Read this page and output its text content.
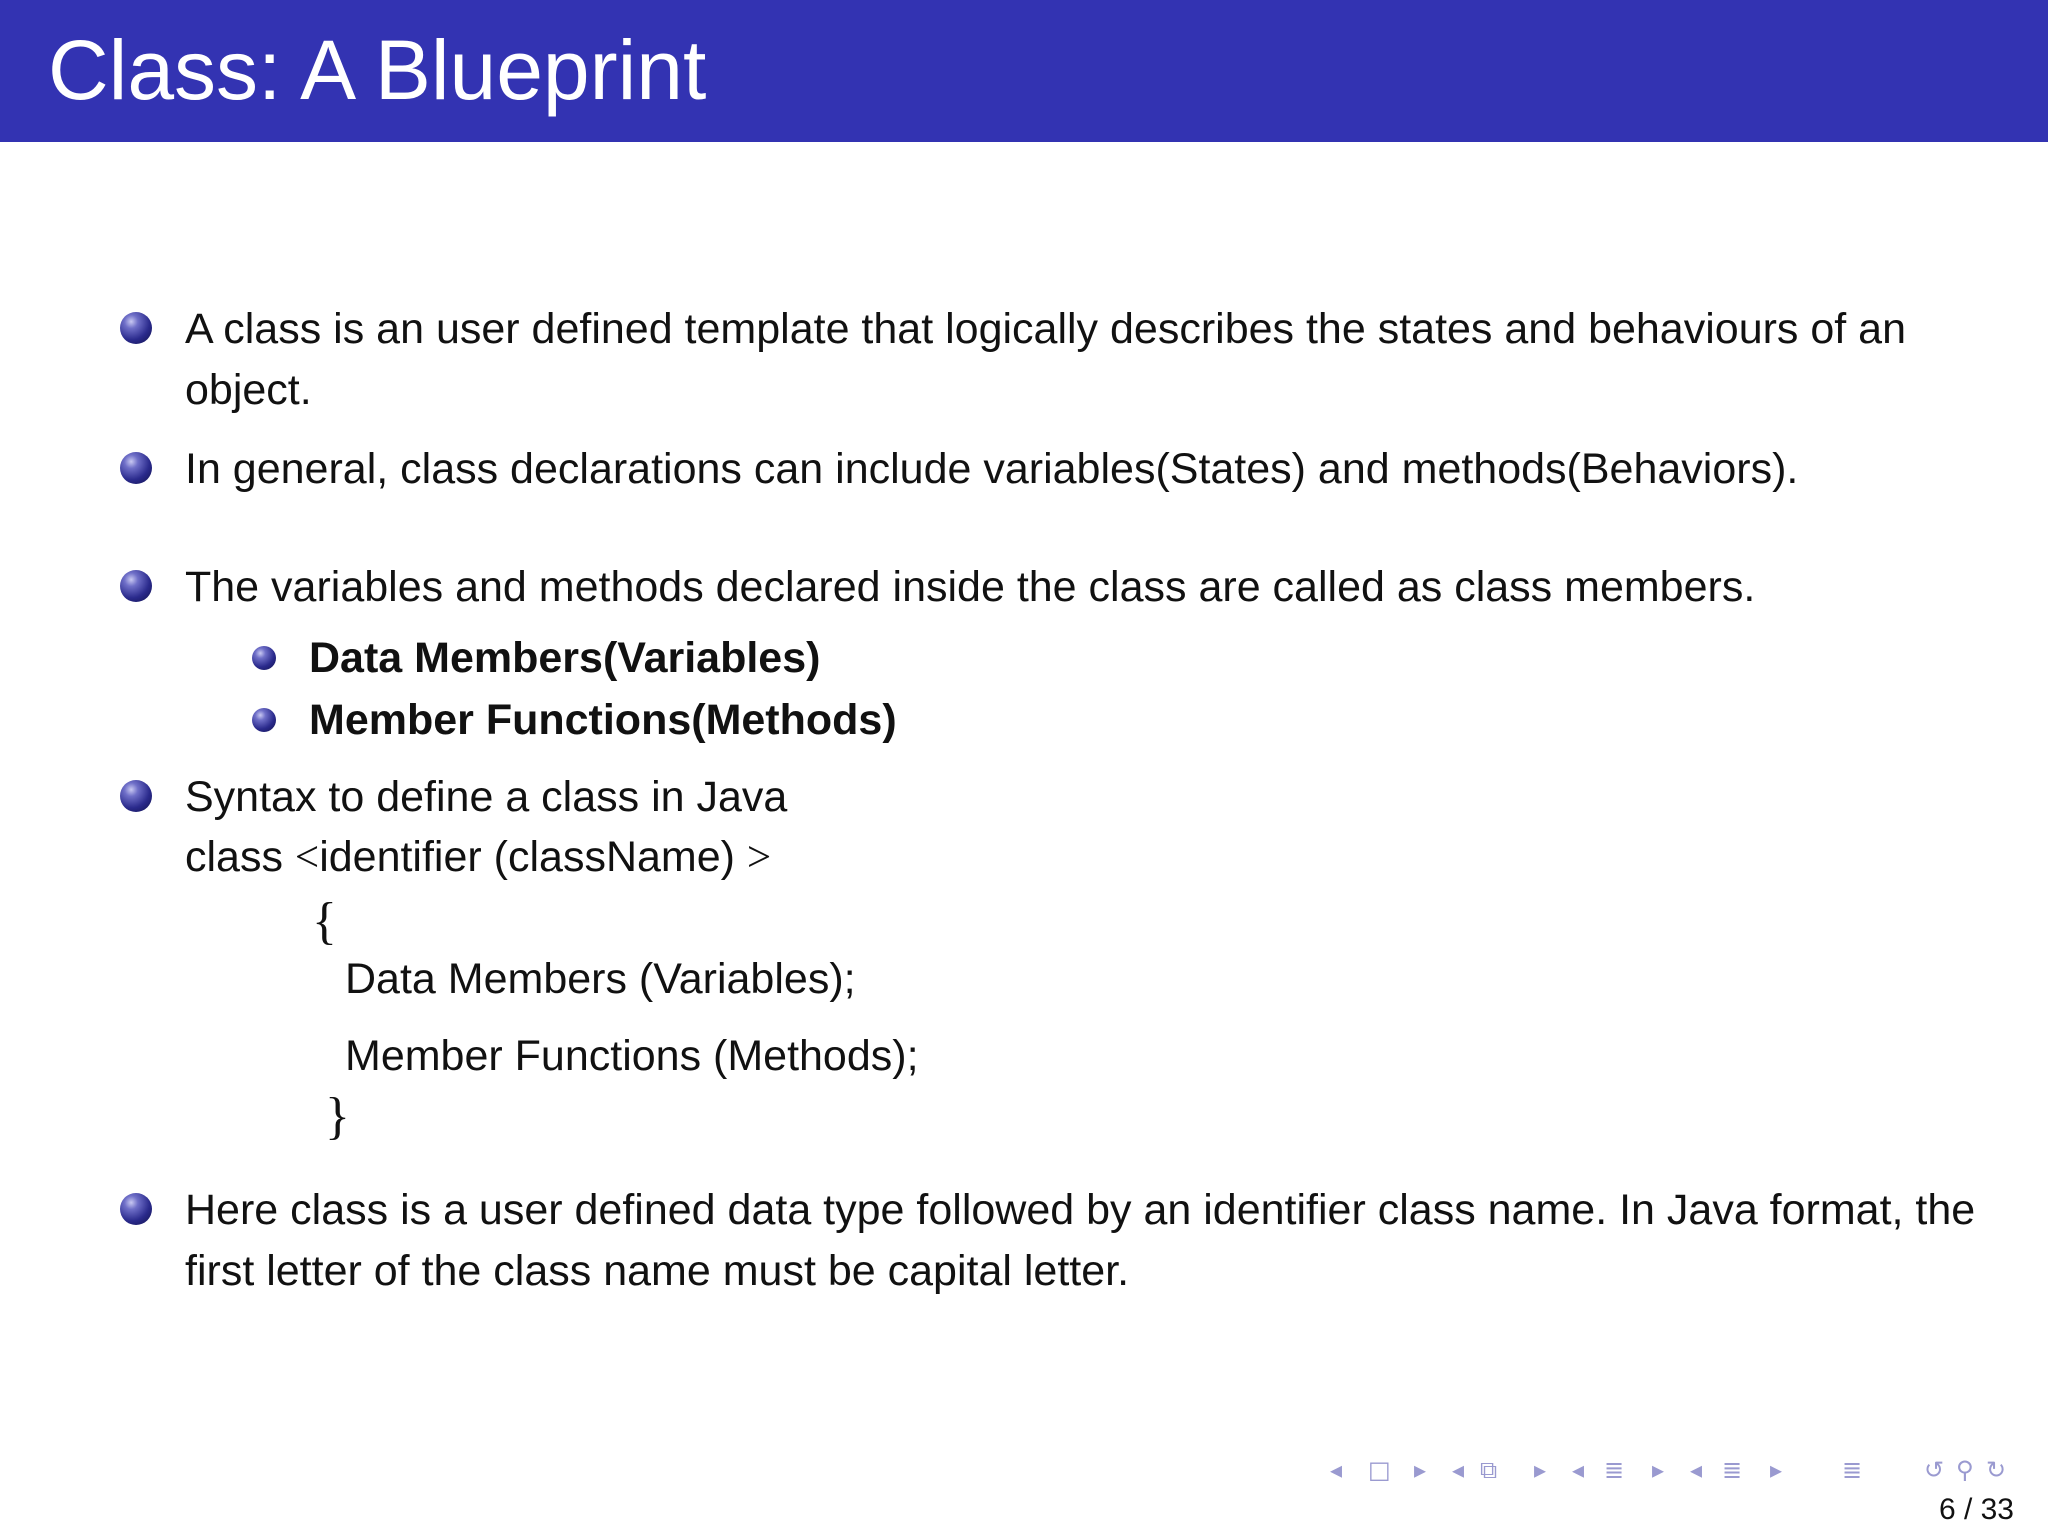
Class: A Blueprint
A class is an user defined template that logically describes the states and behaviours of an object.
In general, class declarations can include variables(States) and methods(Behaviors).
The variables and methods declared inside the class are called as class members.
Data Members(Variables)
Member Functions(Methods)
Syntax to define a class in Java
class <identifier (className) >
{
Data Members (Variables);
Member Functions (Methods);
}
Here class is a user defined data type followed by an identifier class name. In Java format, the first letter of the class name must be capital letter.
◂ □ ▸ ◂ ⧉ ▸ ◂ ≣ ▸ ◂ ≣ ▸ ≣	↺ ⚲ ↻
6 / 33
